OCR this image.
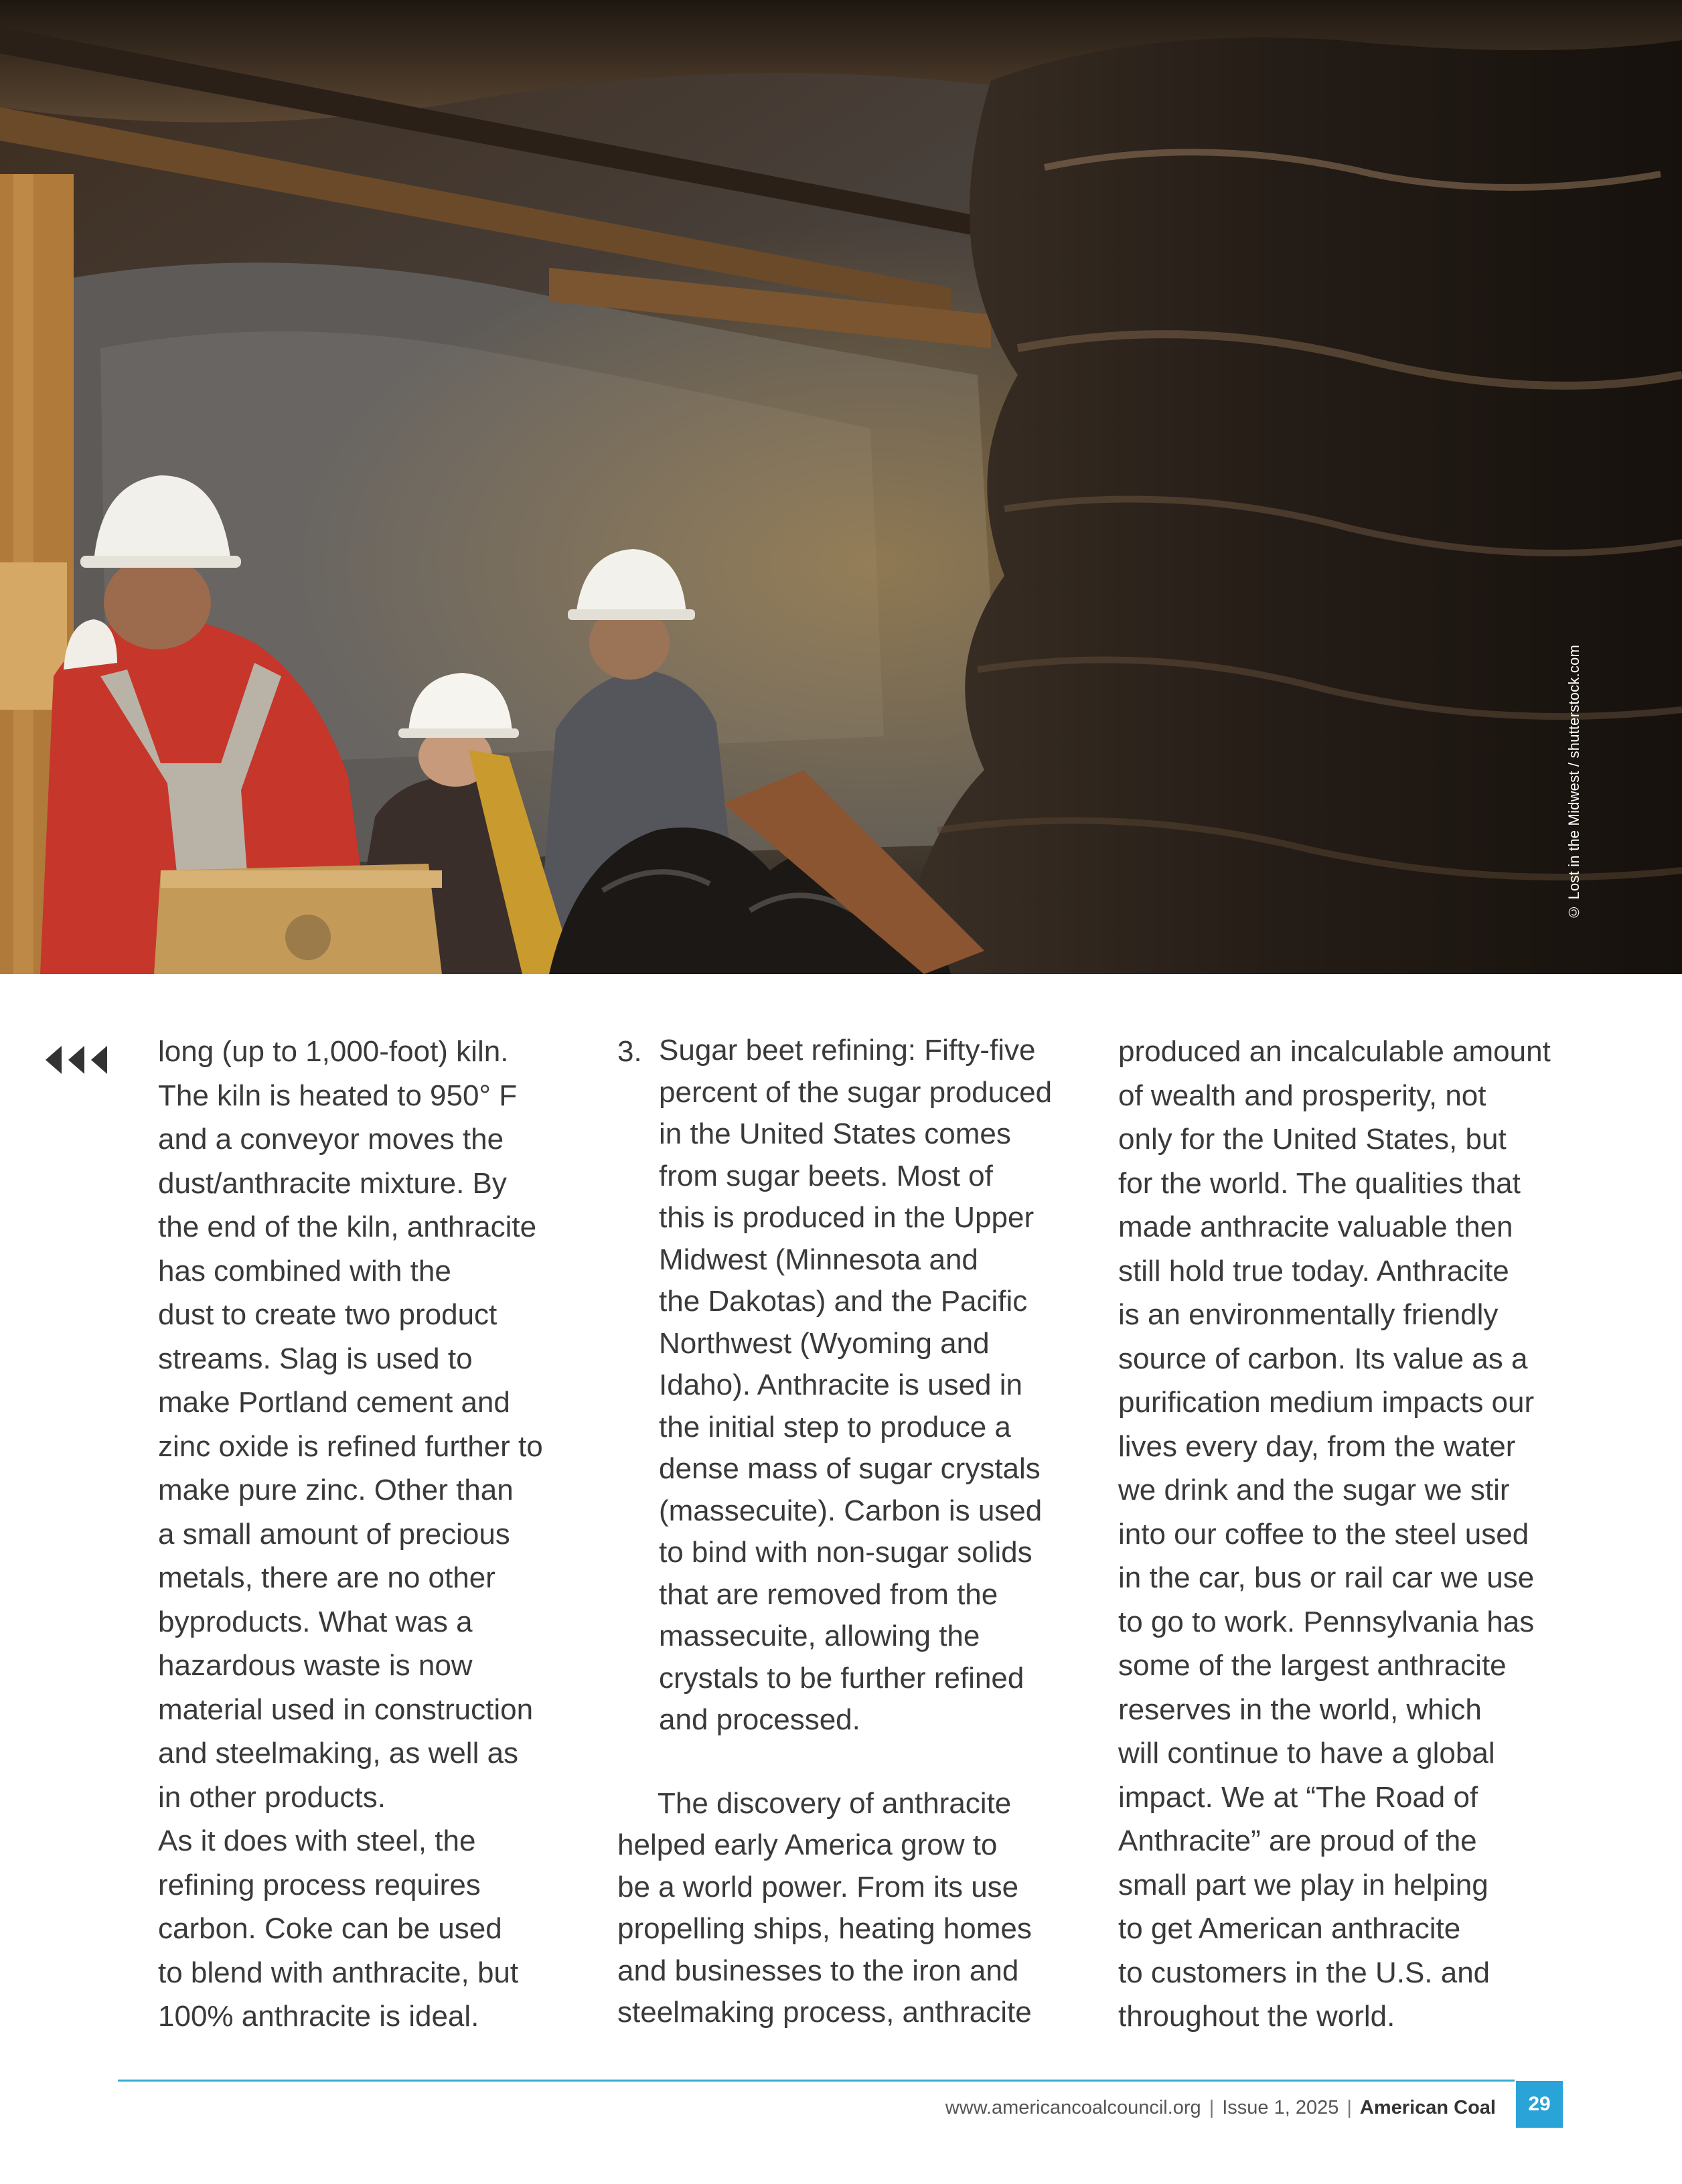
© Lost in the Midwest / shutterstock.com

long (up to 1,000-foot) kiln.
The kiln is heated to 950° F
and a conveyor moves the
dust/anthracite mixture. By
the end of the kiln, anthracite
has combined with the
dust to create two product
streams. Slag is used to
make Portland cement and
zinc oxide is refined further to
make pure zinc. Other than
a small amount of precious
metals, there are no other
byproducts. What was a
hazardous waste is now
material used in construction
and steelmaking, as well as
in other products.
As it does with steel, the
refining process requires
carbon. Coke can be used
to blend with anthracite, but
100% anthracite is ideal.

3. Sugar beet refining: Fifty-five
percent of the sugar produced
in the United States comes
from sugar beets. Most of
this is produced in the Upper
Midwest (Minnesota and
the Dakotas) and the Pacific
Northwest (Wyoming and
Idaho). Anthracite is used in
the initial step to produce a
dense mass of sugar crystals
(massecuite). Carbon is used
to bind with non-sugar solids
that are removed from the
massecuite, allowing the
crystals to be further refined
and processed.

The discovery of anthracite
helped early America grow to
be a world power. From its use
propelling ships, heating homes
and businesses to the iron and
steelmaking process, anthracite

produced an incalculable amount
of wealth and prosperity, not
only for the United States, but
for the world. The qualities that
made anthracite valuable then
still hold true today. Anthracite
is an environmentally friendly
source of carbon. Its value as a
purification medium impacts our
lives every day, from the water
we drink and the sugar we stir
into our coffee to the steel used
in the car, bus or rail car we use
to go to work. Pennsylvania has
some of the largest anthracite
reserves in the world, which
will continue to have a global
impact. We at “The Road of
Anthracite” are proud of the
small part we play in helping
to get American anthracite
to customers in the U.S. and
throughout the world.

www.americancoalcouncil.org | Issue 1, 2025 | American Coal	29
